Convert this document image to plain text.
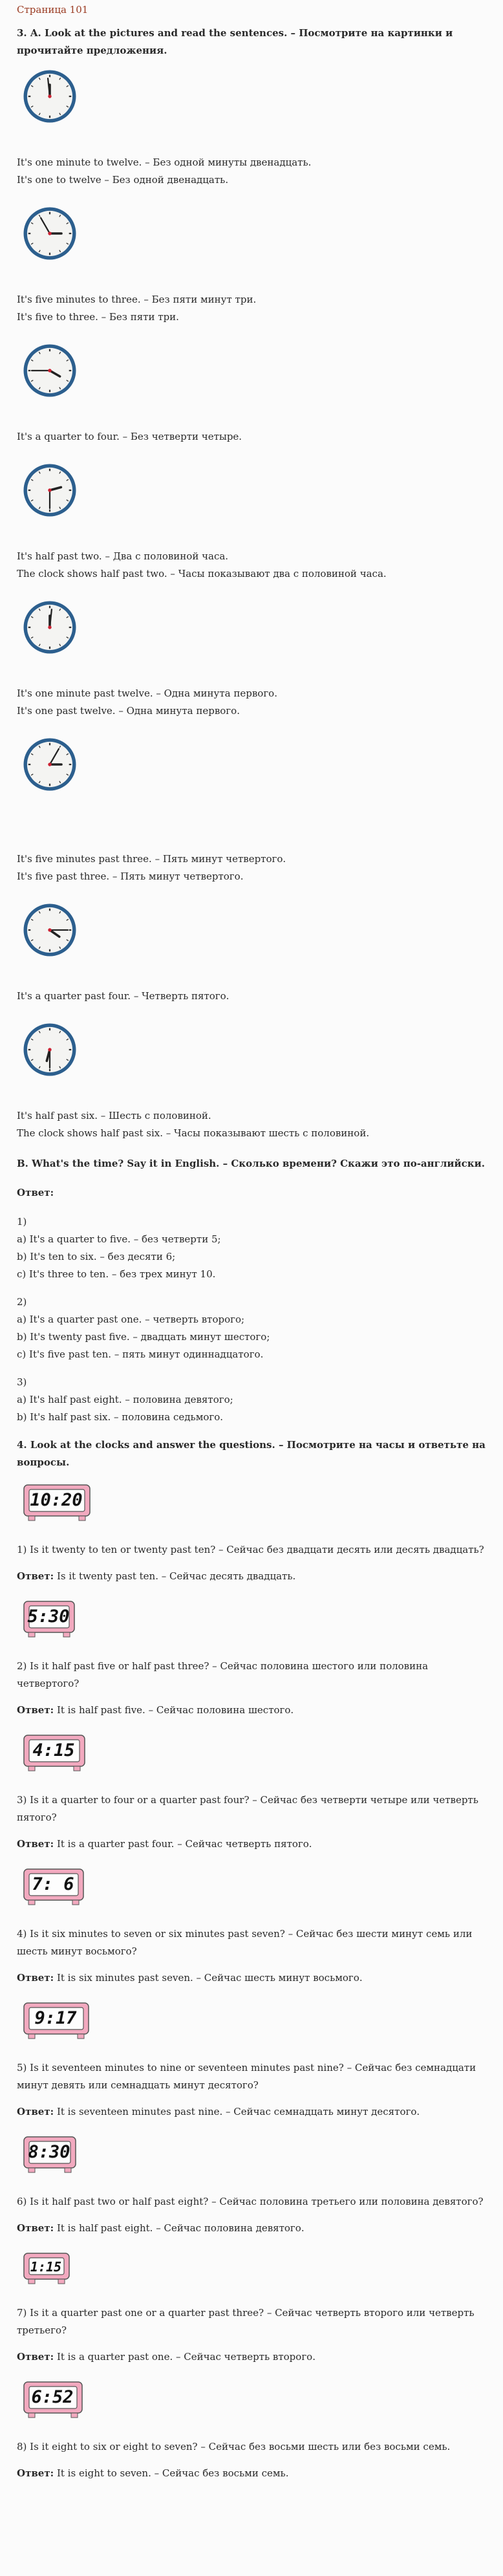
Страница 101
3. A. Look at the pictures and read the sentences. – Посмотрите на картинки и прочитайте предложения.

It's one minute to twelve. – Без одной минуты двенадцать.

It's one to twelve – Без одной двенадцать.

It's five minutes to three. – Без пяти минут три.

It's five to three. – Без пяти три.

It's a quarter to four. – Без четверти четыре.

It's half past two. – Два с половиной часа.

The clock shows half past two. – Часы показывают два с половиной часа.

It's one minute past twelve. – Одна минута первого.

It's one past twelve. – Одна минута первого.

It's five minutes past three. – Пять минут четвертого.

It's five past three. – Пять минут четвертого.

It's a quarter past four. – Четверть пятого.

It's half past six. – Шесть с половиной.

The clock shows half past six. – Часы показывают шесть с половиной.

B. What's the time? Say it in English. – Сколько времени? Скажи это по-английски.

Ответ:

1)

a) It's a quarter to five. – без четверти 5;

b) It's ten to six. – без десяти 6;

c) It's three to ten. – без трех минут 10.

2)

a) It's a quarter past one. – четверть второго;

b) It's twenty past five. – двадцать минут шестого;

c) It's five past ten. – пять минут одиннадцатого.

3)

a) It's half past eight. – половина девятого;

b) It's half past six. – половина седьмого.

4. Look at the clocks and answer the questions. – Посмотрите на часы и ответьте на вопросы.
10:20

1) Is it twenty to ten or twenty past ten? – Сейчас без двадцати десять или десять двадцать?

Ответ: Is it twenty past ten. – Сейчас десять двадцать.

5:30

2) Is it half past five or half past three? – Сейчас половина шестого или половина четвертого?

Ответ: It is half past five. – Сейчас половина шестого.

4:15

3) Is it a quarter to four or a quarter past four? – Сейчас без четверти четыре или четверть пятого?

Ответ: It is a quarter past four. – Сейчас четверть пятого.

7: 6

4) Is it six minutes to seven or six minutes past seven? – Сейчас без шести минут семь или шесть минут восьмого?

Ответ: It is six minutes past seven. – Сейчас шесть минут восьмого.

9:17

5) Is it seventeen minutes to nine or seventeen minutes past nine? – Сейчас без семнадцати минут девять или семнадцать минут десятого?

Ответ: It is seventeen minutes past nine. – Сейчас семнадцать минут десятого.

8:30

6) Is it half past two or half past eight? – Сейчас половина третьего или половина девятого?

Ответ: It is half past eight. – Сейчас половина девятого.

1:15

7) Is it a quarter past one or a quarter past three? – Сейчас четверть второго или четверть третьего?

Ответ: It is a quarter past one. – Сейчас четверть второго.

6:52

8) Is it eight to six or eight to seven? – Сейчас без восьми шесть или без восьми семь.

Ответ: It is eight to seven. – Сейчас без восьми семь.
